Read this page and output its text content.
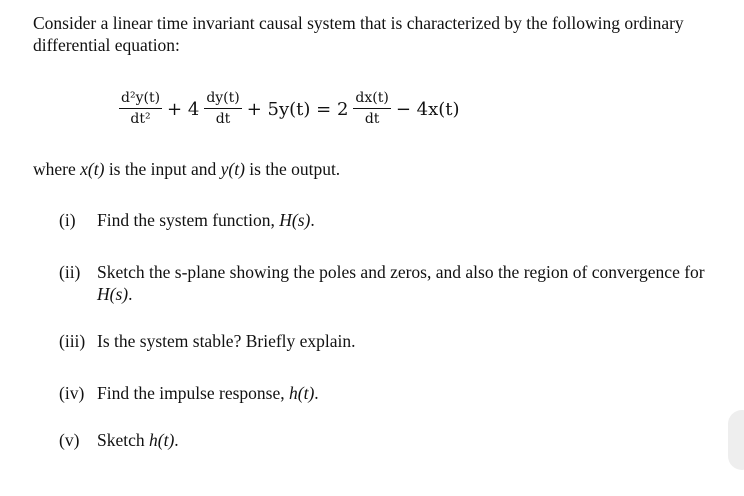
Consider a linear time invariant causal system that is characterized by the following ordinary differential equation:
$\frac{\text{d²y(t)}}{\text{dt²}} + 4 \frac{dy(t)}{dt} + 5y(t) = 2 \frac{dx(t)}{dt} - 4x(t)$
where x(t) is the input and y(t) is the output.
(i)	Find the system function, H(s).
(ii) Sketch the s-plane showing the poles and zeros, and also the region of convergence for H(s).
(iii) Is the system stable? Briefly explain.
(iv) Find the impulse response, h(t).
(v)	Sketch h(t).
